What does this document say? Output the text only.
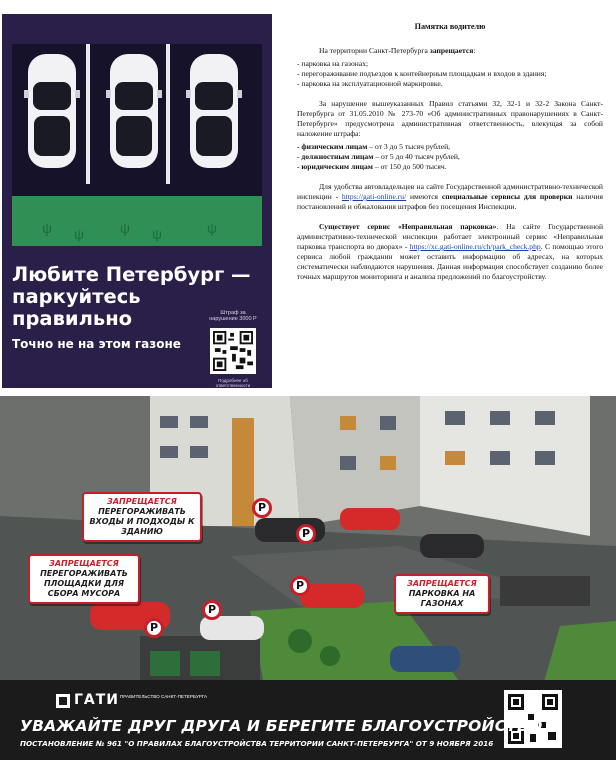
ψ ψ	ψ ψ	ψ
Любите Петербург — паркуйтесь правильно
Точно не на этом газоне
Штраф за нарушение 3000 Р
Подробнее об ответственности

Памятка водителю

На территории Санкт-Петербурга запрещается:

- парковка на газонах;

- перегораживание подъездов к контейнерным площадкам и входов в здания;

- парковка на эксплуатационной маркировке.

За нарушение вышеуказанных Правил статьями 32, 32-1 и 32-2 Закона Санкт-Петербурга от 31.05.2010 № 273-70 «Об административных правонарушениях в Санкт-Петербурге» предусмотрена административная ответственность, влекущая за собой наложение штрафа:

- физическим лицам – от 3 до 5 тысяч рублей,

- должностным лицам – от 5 до 40 тысяч рублей,

- юридическим лицам – от 150 до 500 тысяч.

Для удобства автовладельцев на сайте Государственной административно-технической инспекции - https://gati-online.ru/ имеются специальные сервисы для проверки наличия постановлений и обжалования штрафов без посещения Инспекции.

Существует сервис «Неправильная парковка». На сайте Государственной административно-технической инспекции работает электронный сервис «Неправильная парковка транспорта во дворах» - https://xc.gati-online.ru/ch/park_check.php. С помощью этого сервиса любой гражданин может оставить информацию об адресах, на которых систематически наблюдаются нарушения. Данная информация способствует созданию более точных маршрутов мониторинга и анализа предложений по благоустройству.

ЗАПРЕЩАЕТСЯ
ПЕРЕГОРАЖИВАТЬ ВХОДЫ И ПОДХОДЫ К ЗДАНИЮ
ЗАПРЕЩАЕТСЯ
ПЕРЕГОРАЖИВАТЬ ПЛОЩАДКИ ДЛЯ СБОРА МУСОРА
ЗАПРЕЩАЕТСЯ
ПАРКОВКА НА ГАЗОНАХ
P
P
P
P
P
ГАТИ ПРАВИТЕЛЬСТВО САНКТ-ПЕТЕРБУРГА
УВАЖАЙТЕ ДРУГ ДРУГА И БЕРЕГИТЕ БЛАГОУСТРОЙСТВО
ПОСТАНОВЛЕНИЕ № 961 "О ПРАВИЛАХ БЛАГОУСТРОЙСТВА ТЕРРИТОРИИ САНКТ-ПЕТЕРБУРГА" ОТ 9 НОЯБРЯ 2016
